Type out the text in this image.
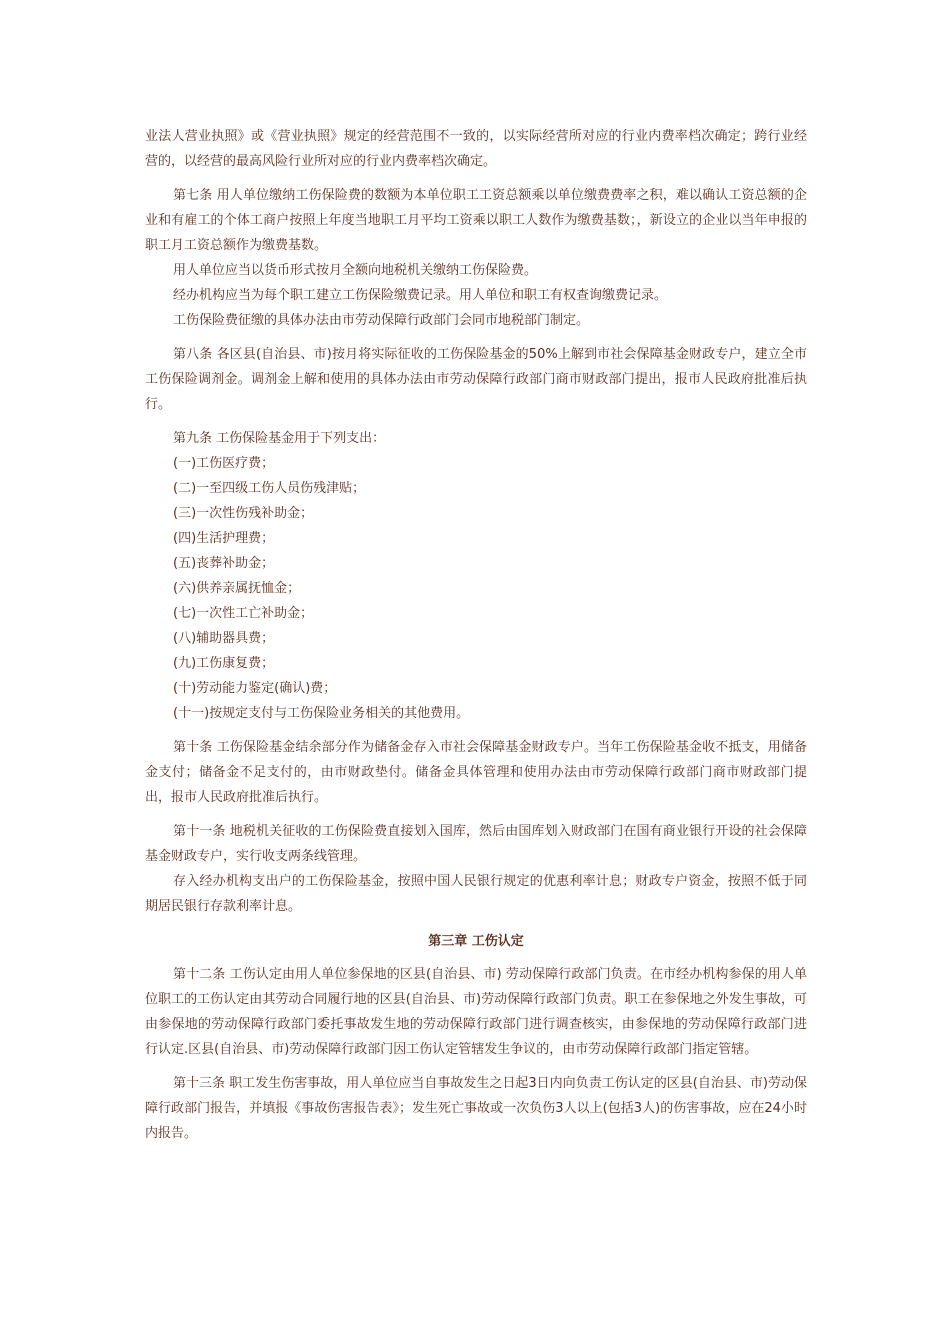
业法人营业执照》或《营业执照》规定的经营范围不一致的，以实际经营所对应的行业内费率档次确定；跨行业经营的，以经营的最高风险行业所对应的行业内费率档次确定。

第七条 用人单位缴纳工伤保险费的数额为本单位职工工资总额乘以单位缴费费率之积，难以确认工资总额的企业和有雇工的个体工商户按照上年度当地职工月平均工资乘以职工人数作为缴费基数；，新设立的企业以当年申报的职工月工资总额作为缴费基数。

用人单位应当以货币形式按月全额向地税机关缴纳工伤保险费。

经办机构应当为每个职工建立工伤保险缴费记录。用人单位和职工有权查询缴费记录。

工伤保险费征缴的具体办法由市劳动保障行政部门会同市地税部门制定。

第八条 各区县(自治县、市)按月将实际征收的工伤保险基金的50%上解到市社会保障基金财政专户，建立全市工伤保险调剂金。调剂金上解和使用的具体办法由市劳动保障行政部门商市财政部门提出，报市人民政府批准后执行。

第九条 工伤保险基金用于下列支出：

(一)工伤医疗费；

(二)一至四级工伤人员伤残津贴；

(三)一次性伤残补助金；

(四)生活护理费；

(五)丧葬补助金；

(六)供养亲属抚恤金；

(七)一次性工亡补助金；

(八)辅助器具费；

(九)工伤康复费；

(十)劳动能力鉴定(确认)费；

(十一)按规定支付与工伤保险业务相关的其他费用。

第十条 工伤保险基金结余部分作为储备金存入市社会保障基金财政专户。当年工伤保险基金收不抵支，用储备金支付；储备金不足支付的，由市财政垫付。储备金具体管理和使用办法由市劳动保障行政部门商市财政部门提出，报市人民政府批准后执行。

第十一条 地税机关征收的工伤保险费直接划入国库，然后由国库划入财政部门在国有商业银行开设的社会保障基金财政专户，实行收支两条线管理。

存入经办机构支出户的工伤保险基金，按照中国人民银行规定的优惠利率计息；财政专户资金，按照不低于同期居民银行存款利率计息。

第三章 工伤认定

第十二条 工伤认定由用人单位参保地的区县(自治县、市) 劳动保障行政部门负责。在市经办机构参保的用人单位职工的工伤认定由其劳动合同履行地的区县(自治县、市)劳动保障行政部门负责。职工在参保地之外发生事故，可由参保地的劳动保障行政部门委托事故发生地的劳动保障行政部门进行调查核实，由参保地的劳动保障行政部门进行认定.区县(自治县、市)劳动保障行政部门因工伤认定管辖发生争议的，由市劳动保障行政部门指定管辖。

第十三条 职工发生伤害事故，用人单位应当自事故发生之日起3日内向负责工伤认定的区县(自治县、市)劳动保障行政部门报告，并填报《事故伤害报告表》；发生死亡事故或一次负伤3人以上(包括3人)的伤害事故，应在24小时内报告。
